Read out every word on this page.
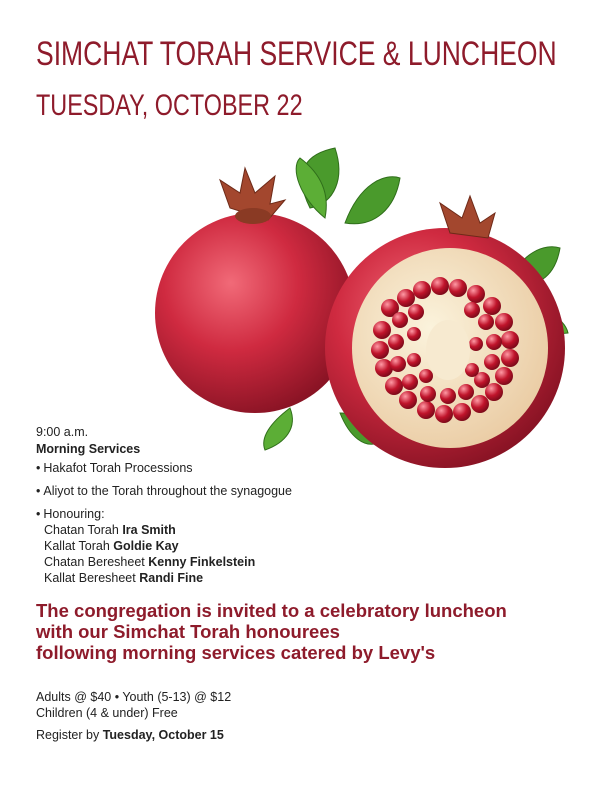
SIMCHAT TORAH SERVICE & LUNCHEON
TUESDAY, OCTOBER 22
9:00 a.m.
Morning Services
• Hakafot Torah Processions
• Aliyot to the Torah throughout the synagogue
• Honouring:
Chatan Torah Ira Smith
Kallat Torah Goldie Kay
Chatan Beresheet Kenny Finkelstein
Kallat Beresheet Randi Fine
The congregation is invited to a celebratory luncheon
with our Simchat Torah honourees
following morning services catered by Levy's
Adults @ $40 • Youth (5-13) @ $12
Children (4 & under) Free
Register by Tuesday, October 15
